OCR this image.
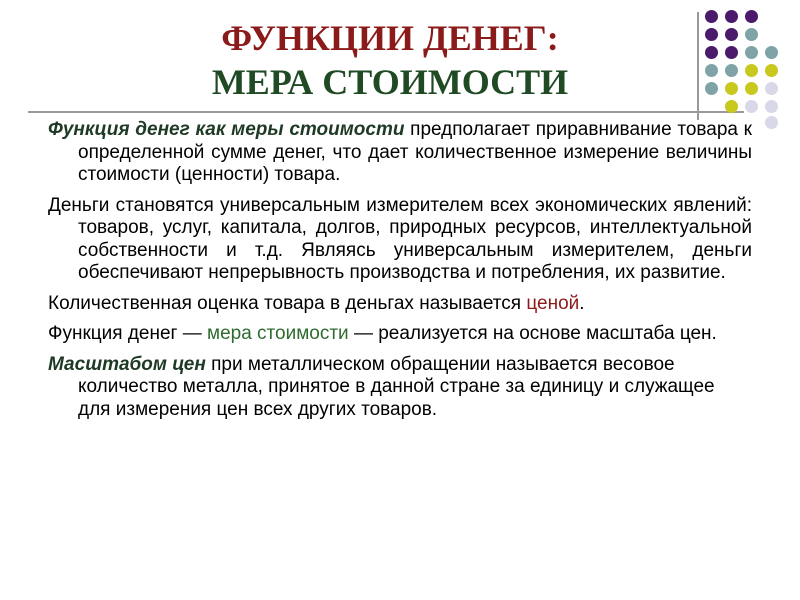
ФУНКЦИИ ДЕНЕГ:
МЕРА СТОИМОСТИ

Функция денег как меры стоимости предполагает приравнивание товара к определенной сумме денег, что дает количественное измерение величины стоимости (ценности) товара.

Деньги становятся универсальным измерителем всех экономических явлений: товаров, услуг, капитала, долгов, природных ресурсов, интеллектуальной собственности и т.д. Являясь универсальным измерителем, деньги обеспечивают непрерывность производства и потребления, их развитие.

Количественная оценка товара в деньгах называется ценой.

Функция денег — мера стоимости — реализуется на основе масштаба цен.

Масштабом цен при металлическом обращении называется весовое количество металла, принятое в данной стране за единицу и служащее для измерения цен всех других товаров.
